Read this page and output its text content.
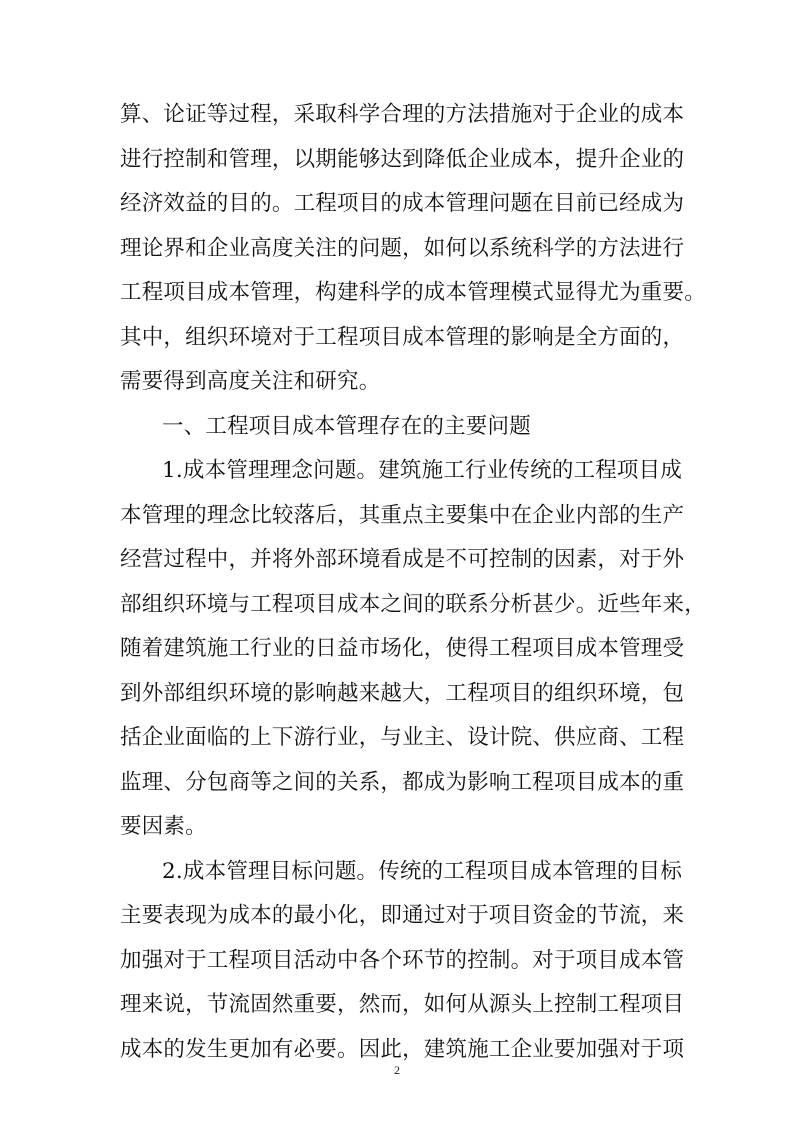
算、论证等过程，采取科学合理的方法措施对于企业的成本
进行控制和管理，以期能够达到降低企业成本，提升企业的
经济效益的目的。工程项目的成本管理问题在目前已经成为
理论界和企业高度关注的问题，如何以系统科学的方法进行
工程项目成本管理，构建科学的成本管理模式显得尤为重要。
其中，组织环境对于工程项目成本管理的影响是全方面的，
需要得到高度关注和研究。
一、工程项目成本管理存在的主要问题
1.成本管理理念问题。建筑施工行业传统的工程项目成
本管理的理念比较落后，其重点主要集中在企业内部的生产
经营过程中，并将外部环境看成是不可控制的因素，对于外
部组织环境与工程项目成本之间的联系分析甚少。近些年来，
随着建筑施工行业的日益市场化，使得工程项目成本管理受
到外部组织环境的影响越来越大，工程项目的组织环境，包
括企业面临的上下游行业，与业主、设计院、供应商、工程
监理、分包商等之间的关系，都成为影响工程项目成本的重
要因素。
2.成本管理目标问题。传统的工程项目成本管理的目标
主要表现为成本的最小化，即通过对于项目资金的节流，来
加强对于工程项目活动中各个环节的控制。对于项目成本管
理来说，节流固然重要，然而，如何从源头上控制工程项目
成本的发生更加有必要。因此，建筑施工企业要加强对于项
2
